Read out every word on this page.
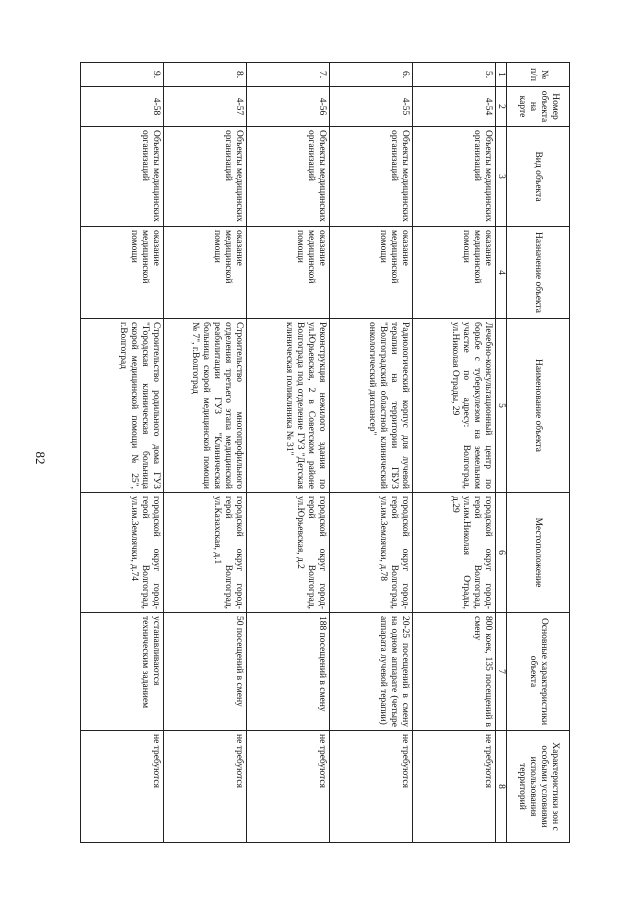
82
№ п/п	Номер объекта на карте	Вид объекта	Назначение объекта	Наименование объекта	Местоположение	Основные характеристики объекта	Характеристики зон с особыми условиями использования территорий
1	2	3	4	5	6	7	8
5.	4-54	Объекты медицинских организаций	оказание медицинской помощи	Лечебно-консультационный центр по борьбе с туберкулезом на земельном участке по адресу: Волгоград, ул.Николая Отрады, 29	городской округ город-герой Волгоград, ул.им.Николая Отрады, д.29	800 коек, 135 посещений в смену	не требуются
6.	4-55	Объекты медицинских организаций	оказание медицинской помощи	Радиологический корпус для лучевой терапии на территории ГБУЗ "Волгоградский областной клинический онкологический диспансер"	городской округ город-герой Волгоград, ул.им.Землячки, д.78	20-25 посещений в смену на одном аппарате (четыре аппарата лучевой терапии)	не требуются
7.	4-56	Объекты медицинских организаций	оказание медицинской помощи	Реконструкция нежилого здания по ул.Юрьевская, 2 в Советском районе Волгограда под отделение ГУЗ "Детская клиническая поликлиника № 31"	городской округ город-герой Волгоград, ул.Юрьевская, д.2	188 посещений в смену	не требуются
8.	4-57	Объекты медицинских организаций	оказание медицинской помощи	Строительство многопрофильного отделения третьего этапа медицинской реабилитации ГУЗ "Клиническая больница скорой медицинской помощи № 7", г.Волгоград	городской округ город-герой Волгоград, ул.Казахская, д.1	50 посещений в смену	не требуются
9.	4-58	Объекты медицинских организаций	оказание медицинской помощи	Строительство родильного дома ГУЗ "Городская клиническая больница скорой медицинской помощи № 25", г.Волгоград	городской округ город-герой Волгоград, ул.им.Землячки, д.74	устанавливаются техническим заданием	не требуются
